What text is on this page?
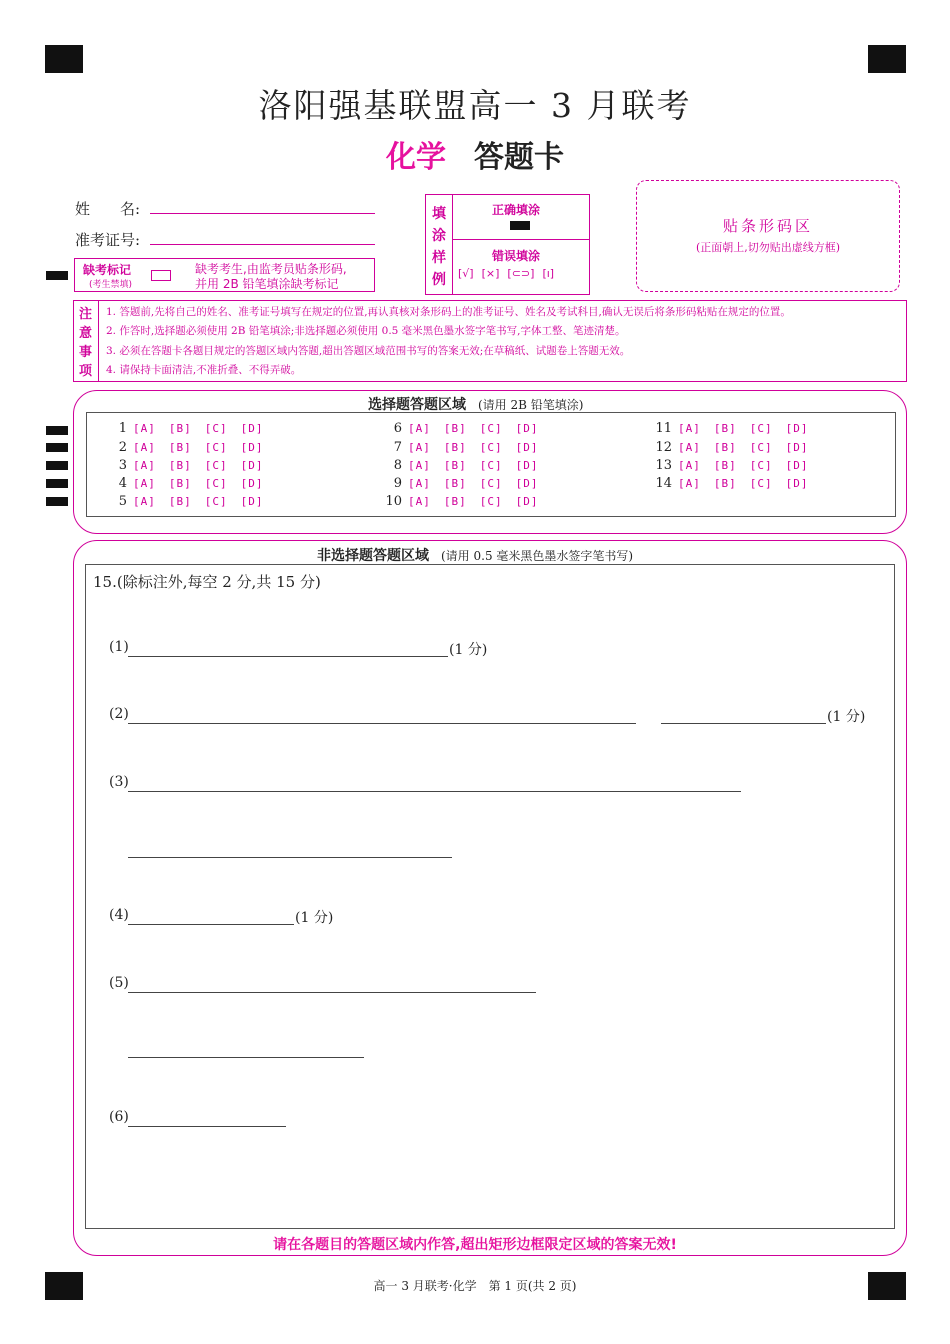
洛阳强基联盟高一 3 月联考
化学 答题卡
姓　　名:
准考证号:
缺考标记
(考生禁填)
缺考考生,由监考员贴条形码,
并用 2B 铅笔填涂缺考标记
填
涂
样
例
正确填涂
错误填涂
[√] [×] [⊂⊃] [ı]
贴条形码区
(正面朝上,切勿贴出虚线方框)
注
意
事
项
1. 答题前,先将自己的姓名、准考证号填写在规定的位置,再认真核对条形码上的准考证号、姓名及考试科目,确认无误后将条形码粘贴在规定的位置。
2. 作答时,选择题必须使用 2B 铅笔填涂;非选择题必须使用 0.5 毫米黑色墨水签字笔书写,字体工整、笔迹清楚。
3. 必须在答题卡各题目规定的答题区域内答题,超出答题区域范围书写的答案无效;在草稿纸、试题卷上答题无效。
4. 请保持卡面清洁,不准折叠、不得弄破。
选择题答题区域 (请用 2B 铅笔填涂)
1 [A] [B] [C] [D]
2 [A] [B] [C] [D]
3 [A] [B] [C] [D]
4 [A] [B] [C] [D]
5 [A] [B] [C] [D]
6 [A] [B] [C] [D]
7 [A] [B] [C] [D]
8 [A] [B] [C] [D]
9 [A] [B] [C] [D]
10 [A] [B] [C] [D]
11 [A] [B] [C] [D]
12 [A] [B] [C] [D]
13 [A] [B] [C] [D]
14 [A] [B] [C] [D]
非选择题答题区域 (请用 0.5 毫米黑色墨水签字笔书写)
15.(除标注外,每空 2 分,共 15 分)
(1)	(1 分)
(2)	(1 分)
(3)
(4)	(1 分)
(5)
(6)
请在各题目的答题区域内作答,超出矩形边框限定区域的答案无效!
高一 3 月联考·化学　第 1 页(共 2 页)
